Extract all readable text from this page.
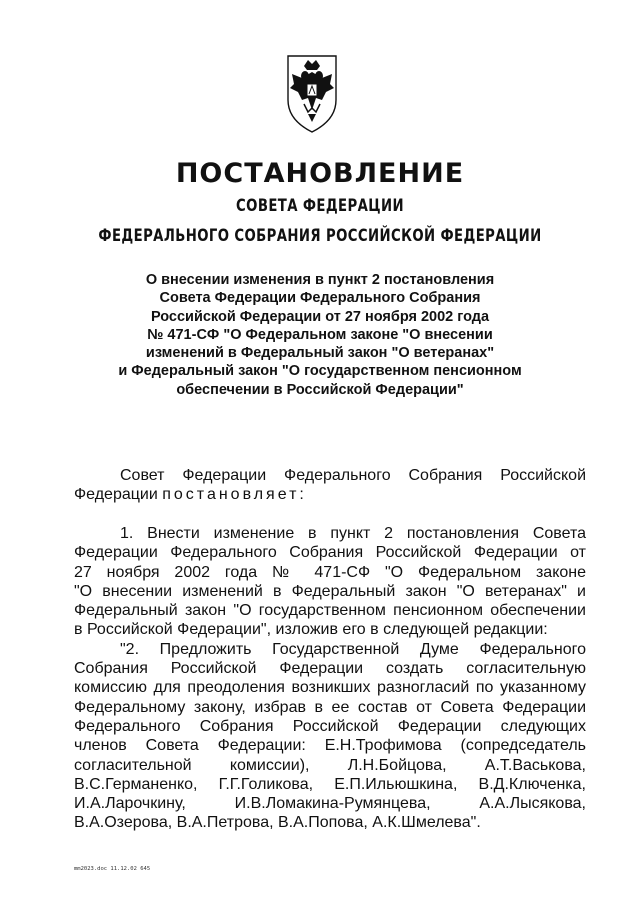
ПОСТАНОВЛЕНИЕ
СОВЕТА ФЕДЕРАЦИИ
ФЕДЕРАЛЬНОГО СОБРАНИЯ РОССИЙСКОЙ ФЕДЕРАЦИИ
О внесении изменения в пункт 2 постановления
Совета Федерации Федерального Собрания
Российской Федерации от 27 ноября 2002 года
№ 471-СФ "О Федеральном законе "О внесении
изменений в Федеральный закон "О ветеранах"
и Федеральный закон "О государственном пенсионном
обеспечении в Российской Федерации"
Совет Федерации Федерального Собрания Российской
Федерации постановляет:
1. Внести изменение в пункт 2 постановления Совета
Федерации Федерального Собрания Российской Федерации от
27 ноября 2002 года № 471-СФ "О Федеральном законе
"О внесении изменений в Федеральный закон "О ветеранах" и
Федеральный закон "О государственном пенсионном обеспечении
в Российской Федерации", изложив его в следующей редакции:
"2. Предложить Государственной Думе Федерального
Собрания Российской Федерации создать согласительную
комиссию для преодоления возникших разногласий по указанному
Федеральному закону, избрав в ее состав от Совета Федерации
Федерального Собрания Российской Федерации следующих
членов Совета Федерации: Е.Н.Трофимова (сопредседатель
согласительной комиссии), Л.Н.Бойцова, А.Т.Васькова,
В.С.Германенко, Г.Г.Голикова, Е.П.Ильюшкина, В.Д.Ключенка,
И.А.Ларочкину, И.В.Ломакина-Румянцева, А.А.Лысякова,
В.А.Озерова, В.А.Петрова, В.А.Попова, А.К.Шмелева".
mm2023.doc 11.12.02 645
